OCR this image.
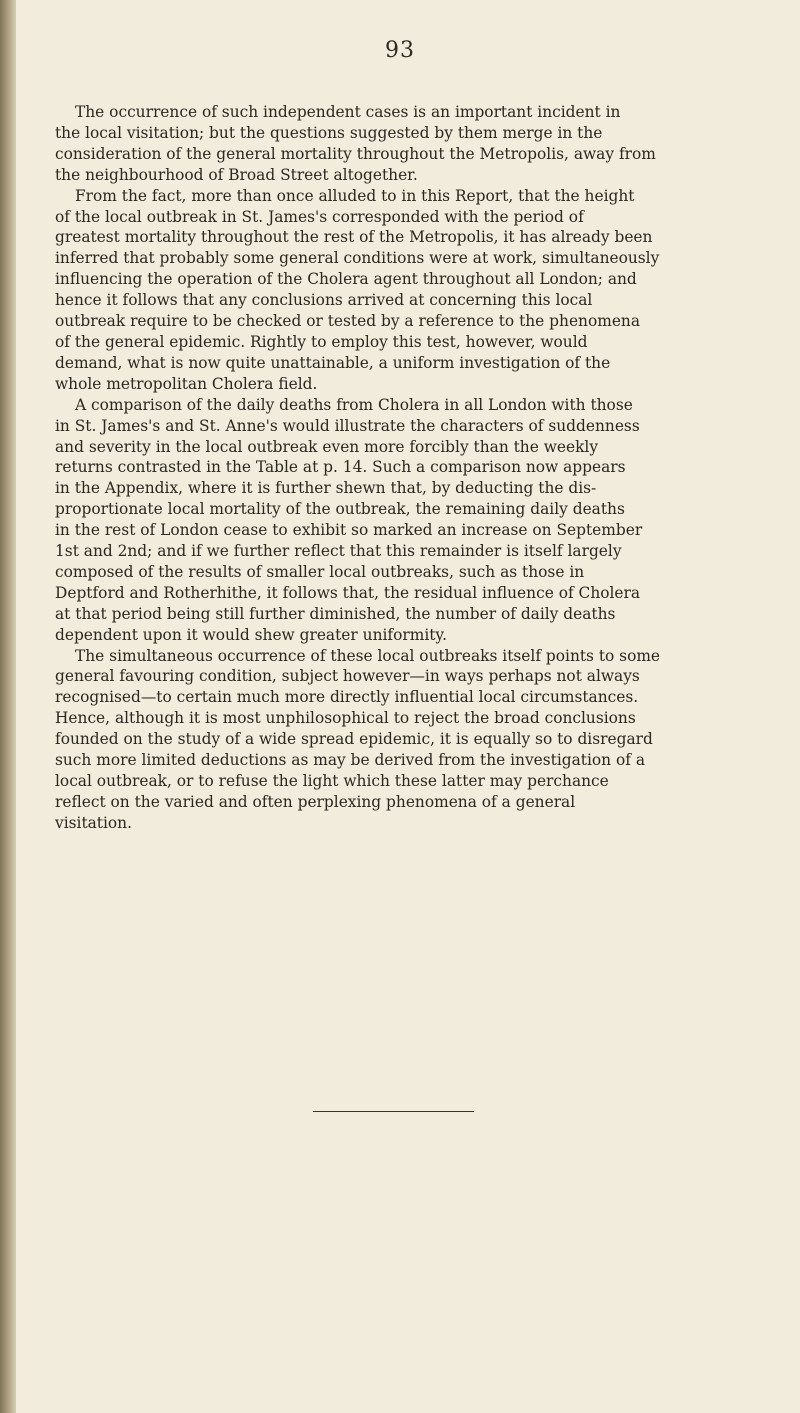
93

The occurrence of such independent cases is an important incident in
the local visitation; but the questions suggested by them merge in the
consideration of the general mortality throughout the Metropolis, away from
the neighbourhood of Broad Street altogether.

From the fact, more than once alluded to in this Report, that the height
of the local outbreak in St. James's corresponded with the period of
greatest mortality throughout the rest of the Metropolis, it has already been
inferred that probably some general conditions were at work, simultaneously
influencing the operation of the Cholera agent throughout all London; and
hence it follows that any conclusions arrived at concerning this local
outbreak require to be checked or tested by a reference to the phenomena
of the general epidemic. Rightly to employ this test, however, would
demand, what is now quite unattainable, a uniform investigation of the
whole metropolitan Cholera field.

A comparison of the daily deaths from Cholera in all London with those
in St. James's and St. Anne's would illustrate the characters of suddenness
and severity in the local outbreak even more forcibly than the weekly
returns contrasted in the Table at p. 14. Such a comparison now appears
in the Appendix, where it is further shewn that, by deducting the dis-
proportionate local mortality of the outbreak, the remaining daily deaths
in the rest of London cease to exhibit so marked an increase on September
1st and 2nd; and if we further reflect that this remainder is itself largely
composed of the results of smaller local outbreaks, such as those in
Deptford and Rotherhithe, it follows that, the residual influence of Cholera
at that period being still further diminished, the number of daily deaths
dependent upon it would shew greater uniformity.

The simultaneous occurrence of these local outbreaks itself points to some
general favouring condition, subject however—in ways perhaps not always
recognised—to certain much more directly influential local circumstances.
Hence, although it is most unphilosophical to reject the broad conclusions
founded on the study of a wide spread epidemic, it is equally so to disregard
such more limited deductions as may be derived from the investigation of a
local outbreak, or to refuse the light which these latter may perchance
reflect on the varied and often perplexing phenomena of a general
visitation.
